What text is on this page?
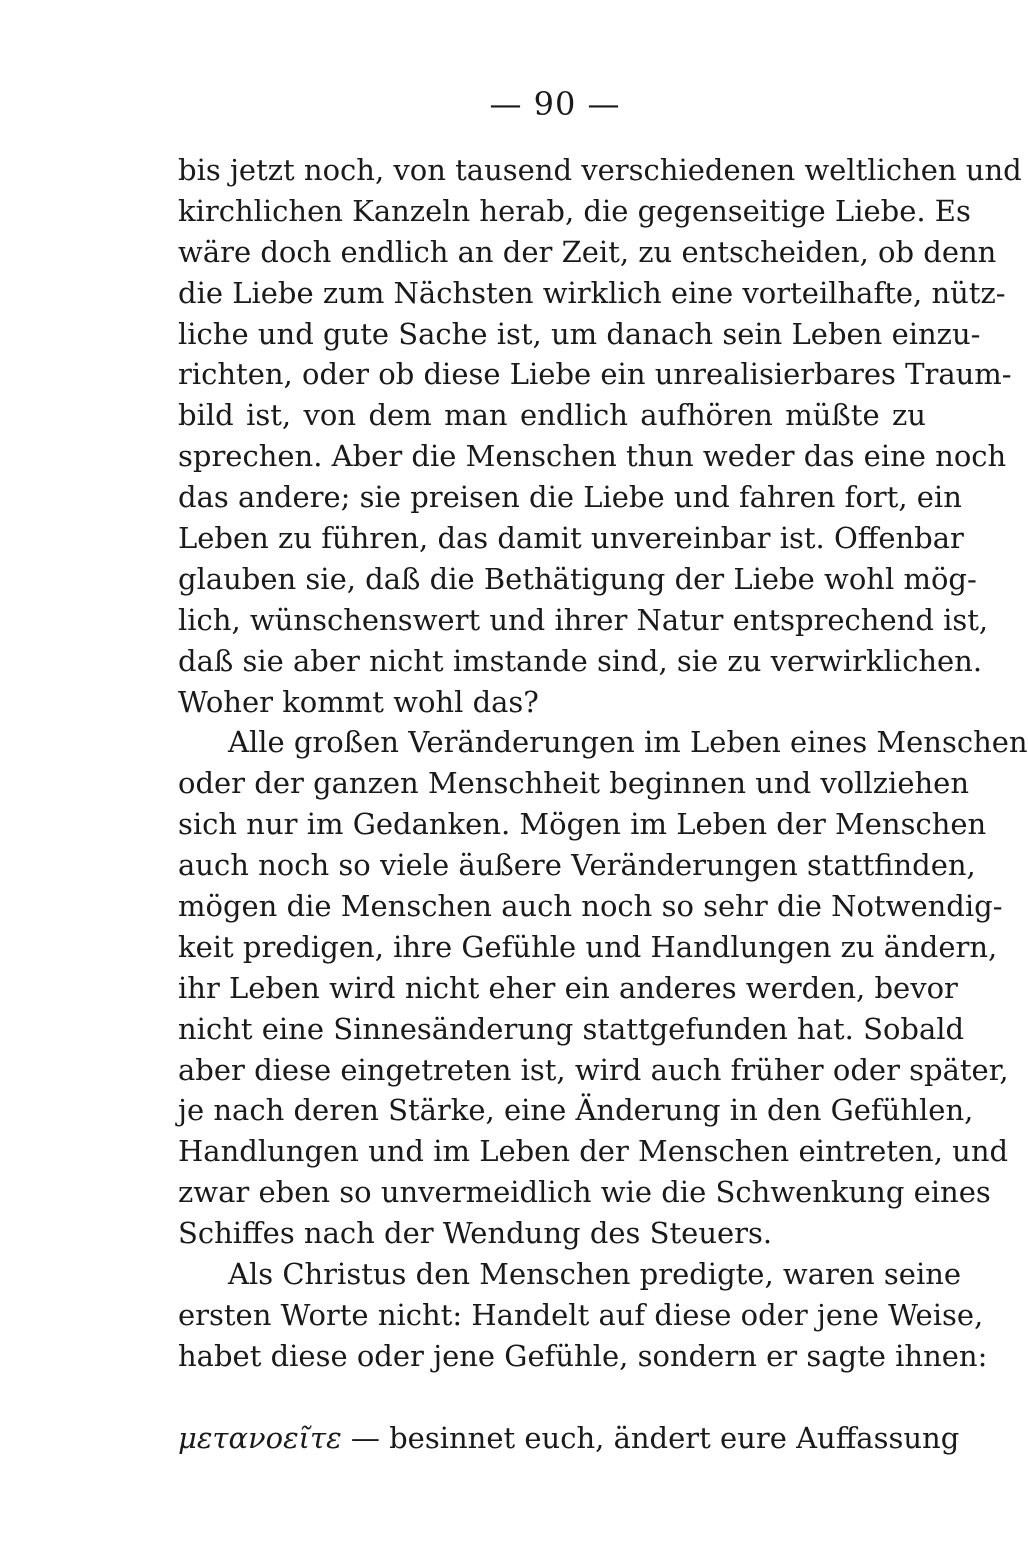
— 90 —
bis jetzt noch, von tausend verschiedenen weltlichen und
kirchlichen Kanzeln herab, die gegenseitige Liebe. Es
wäre doch endlich an der Zeit, zu entscheiden, ob denn
die Liebe zum Nächsten wirklich eine vorteilhafte, nütz-
liche und gute Sache ist, um danach sein Leben einzu-
richten, oder ob diese Liebe ein unrealisierbares Traum-
bild ist, von dem man endlich aufhören müßte zu
sprechen. Aber die Menschen thun weder das eine noch
das andere; sie preisen die Liebe und fahren fort, ein
Leben zu führen, das damit unvereinbar ist. Offenbar
glauben sie, daß die Bethätigung der Liebe wohl mög-
lich, wünschenswert und ihrer Natur entsprechend ist,
daß sie aber nicht imstande sind, sie zu verwirklichen.
Woher kommt wohl das?
Alle großen Veränderungen im Leben eines Menschen
oder der ganzen Menschheit beginnen und vollziehen
sich nur im Gedanken. Mögen im Leben der Menschen
auch noch so viele äußere Veränderungen stattfinden,
mögen die Menschen auch noch so sehr die Notwendig-
keit predigen, ihre Gefühle und Handlungen zu ändern,
ihr Leben wird nicht eher ein anderes werden, bevor
nicht eine Sinnesänderung stattgefunden hat. Sobald
aber diese eingetreten ist, wird auch früher oder später,
je nach deren Stärke, eine Änderung in den Gefühlen,
Handlungen und im Leben der Menschen eintreten, und
zwar eben so unvermeidlich wie die Schwenkung eines
Schiffes nach der Wendung des Steuers.
Als Christus den Menschen predigte, waren seine
ersten Worte nicht: Handelt auf diese oder jene Weise,
habet diese oder jene Gefühle, sondern er sagte ihnen:
μετανοεῖτε — besinnet euch, ändert eure Auffassung
